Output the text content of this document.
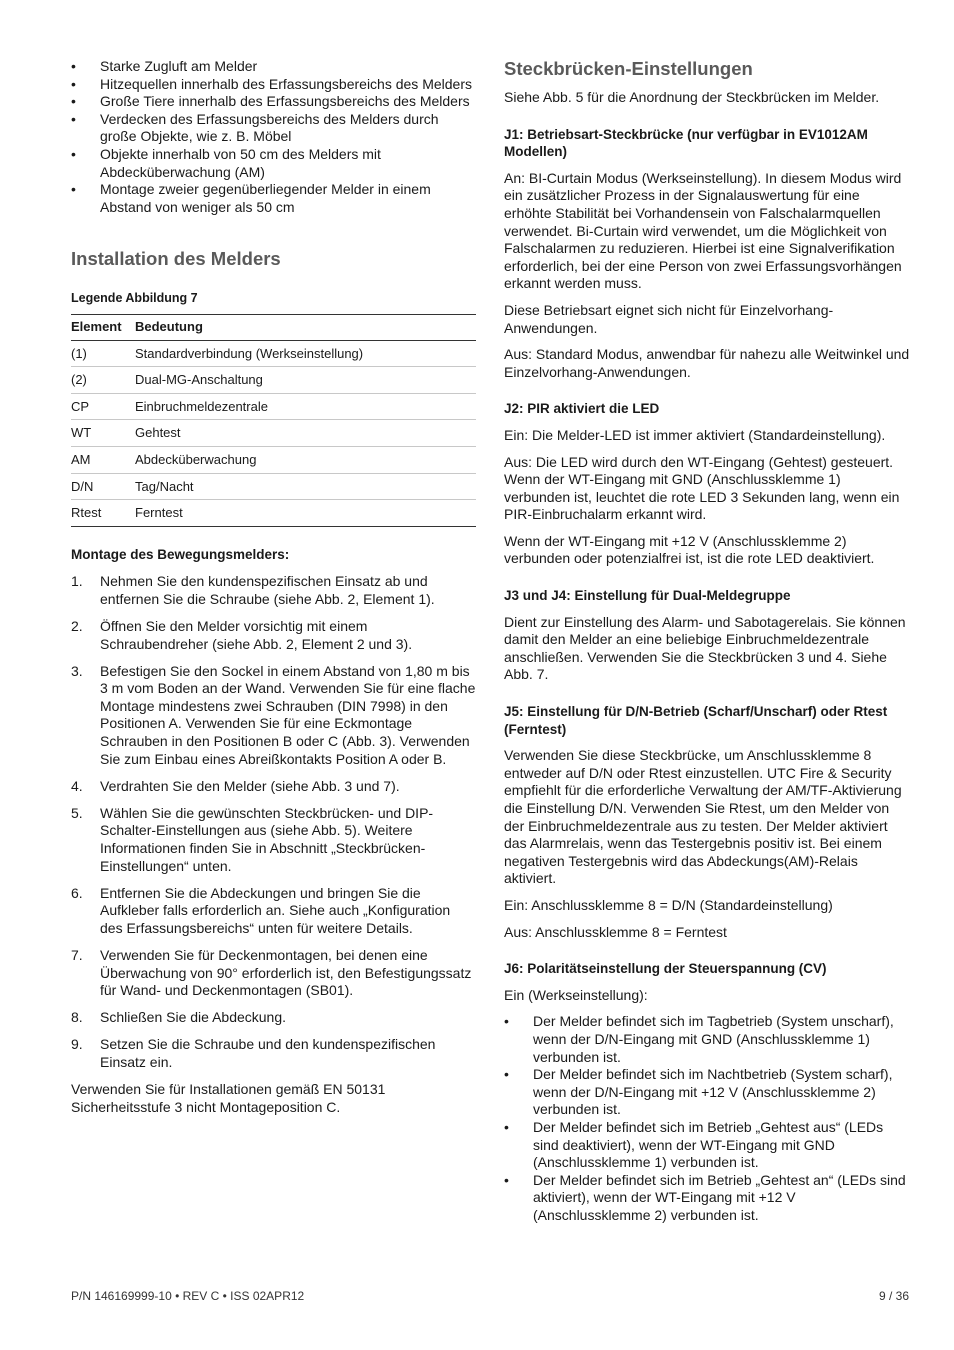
• Starke Zugluft am Melder
• Hitzequellen innerhalb des Erfassungsbereichs des Melders
• Große Tiere innerhalb des Erfassungsbereichs des Melders
• Verdecken des Erfassungsbereichs des Melders durch große Objekte, wie z. B. Möbel
• Objekte innerhalb von 50 cm des Melders mit Abdecküberwachung (AM)
• Montage zweier gegenüberliegender Melder in einem Abstand von weniger als 50 cm
Installation des Melders

Legende Abbildung 7

Element	Bedeutung
(1)	Standardverbindung (Werkseinstellung)
(2)	Dual-MG-Anschaltung
CP	Einbruchmeldezentrale
WT	Gehtest
AM	Abdecküberwachung
D/N	Tag/Nacht
Rtest	Ferntest

Montage des Bewegungsmelders:

1. Nehmen Sie den kundenspezifischen Einsatz ab und entfernen Sie die Schraube (siehe Abb. 2, Element 1).
2. Öffnen Sie den Melder vorsichtig mit einem Schraubendreher (siehe Abb. 2, Element 2 und 3).
3. Befestigen Sie den Sockel in einem Abstand von 1,80 m bis 3 m vom Boden an der Wand. Verwenden Sie für eine flache Montage mindestens zwei Schrauben (DIN 7998) in den Positionen A. Verwenden Sie für eine Eckmontage Schrauben in den Positionen B oder C (Abb. 3). Verwenden Sie zum Einbau eines Abreißkontakts Position A oder B.
4. Verdrahten Sie den Melder (siehe Abb. 3 und 7).
5. Wählen Sie die gewünschten Steckbrücken- und DIP-Schalter-Einstellungen aus (siehe Abb. 5). Weitere Informationen finden Sie in Abschnitt „Steckbrücken-Einstellungen“ unten.
6. Entfernen Sie die Abdeckungen und bringen Sie die Aufkleber falls erforderlich an. Siehe auch „Konfiguration des Erfassungsbereichs“ unten für weitere Details.
7. Verwenden Sie für Deckenmontagen, bei denen eine Überwachung von 90° erforderlich ist, den Befestigungssatz für Wand- und Deckenmontagen (SB01).
8. Schließen Sie die Abdeckung.
9. Setzen Sie die Schraube und den kundenspezifischen Einsatz ein.

Verwenden Sie für Installationen gemäß EN 50131 Sicherheitsstufe 3 nicht Montageposition C.

Steckbrücken-Einstellungen

Siehe Abb. 5 für die Anordnung der Steckbrücken im Melder.

J1: Betriebsart-Steckbrücke (nur verfügbar in EV1012AM Modellen)

An: BI-Curtain Modus (Werkseinstellung). In diesem Modus wird ein zusätzlicher Prozess in der Signalauswertung für eine erhöhte Stabilität bei Vorhandensein von Falschalarmquellen verwendet. Bi-Curtain wird verwendet, um die Möglichkeit von Falschalarmen zu reduzieren. Hierbei ist eine Signalverifikation erforderlich, bei der eine Person von zwei Erfassungsvorhängen erkannt werden muss.

Diese Betriebsart eignet sich nicht für Einzelvorhang-Anwendungen.

Aus: Standard Modus, anwendbar für nahezu alle Weitwinkel und Einzelvorhang-Anwendungen.

J2: PIR aktiviert die LED

Ein: Die Melder-LED ist immer aktiviert (Standardeinstellung).

Aus: Die LED wird durch den WT-Eingang (Gehtest) gesteuert. Wenn der WT-Eingang mit GND (Anschlussklemme 1) verbunden ist, leuchtet die rote LED 3 Sekunden lang, wenn ein PIR-Einbruchalarm erkannt wird.

Wenn der WT-Eingang mit +12 V (Anschlussklemme 2) verbunden oder potenzialfrei ist, ist die rote LED deaktiviert.

J3 und J4: Einstellung für Dual-Meldegruppe

Dient zur Einstellung des Alarm- und Sabotagerelais. Sie können damit den Melder an eine beliebige Einbruchmeldezentrale anschließen. Verwenden Sie die Steckbrücken 3 und 4. Siehe Abb. 7.

J5: Einstellung für D/N-Betrieb (Scharf/Unscharf) oder Rtest (Ferntest)

Verwenden Sie diese Steckbrücke, um Anschlussklemme 8 entweder auf D/N oder Rtest einzustellen. UTC Fire & Security empfiehlt für die erforderliche Verwaltung der AM/TF-Aktivierung die Einstellung D/N. Verwenden Sie Rtest, um den Melder von der Einbruchmeldezentrale aus zu testen. Der Melder aktiviert das Alarmrelais, wenn das Testergebnis positiv ist. Bei einem negativen Testergebnis wird das Abdeckungs(AM)-Relais aktiviert.

Ein: Anschlussklemme 8 = D/N (Standardeinstellung)

Aus: Anschlussklemme 8 = Ferntest

J6: Polaritätseinstellung der Steuerspannung (CV)

Ein (Werkseinstellung):

• Der Melder befindet sich im Tagbetrieb (System unscharf), wenn der D/N-Eingang mit GND (Anschlussklemme 1) verbunden ist.
• Der Melder befindet sich im Nachtbetrieb (System scharf), wenn der D/N-Eingang mit +12 V (Anschlussklemme 2) verbunden ist.
• Der Melder befindet sich im Betrieb „Gehtest aus“ (LEDs sind deaktiviert), wenn der WT-Eingang mit GND (Anschlussklemme 1) verbunden ist.
• Der Melder befindet sich im Betrieb „Gehtest an“ (LEDs sind aktiviert), wenn der WT-Eingang mit +12 V (Anschlussklemme 2) verbunden ist.
P/N 146169999-10 • REV C • ISS 02APR12	9 / 36
